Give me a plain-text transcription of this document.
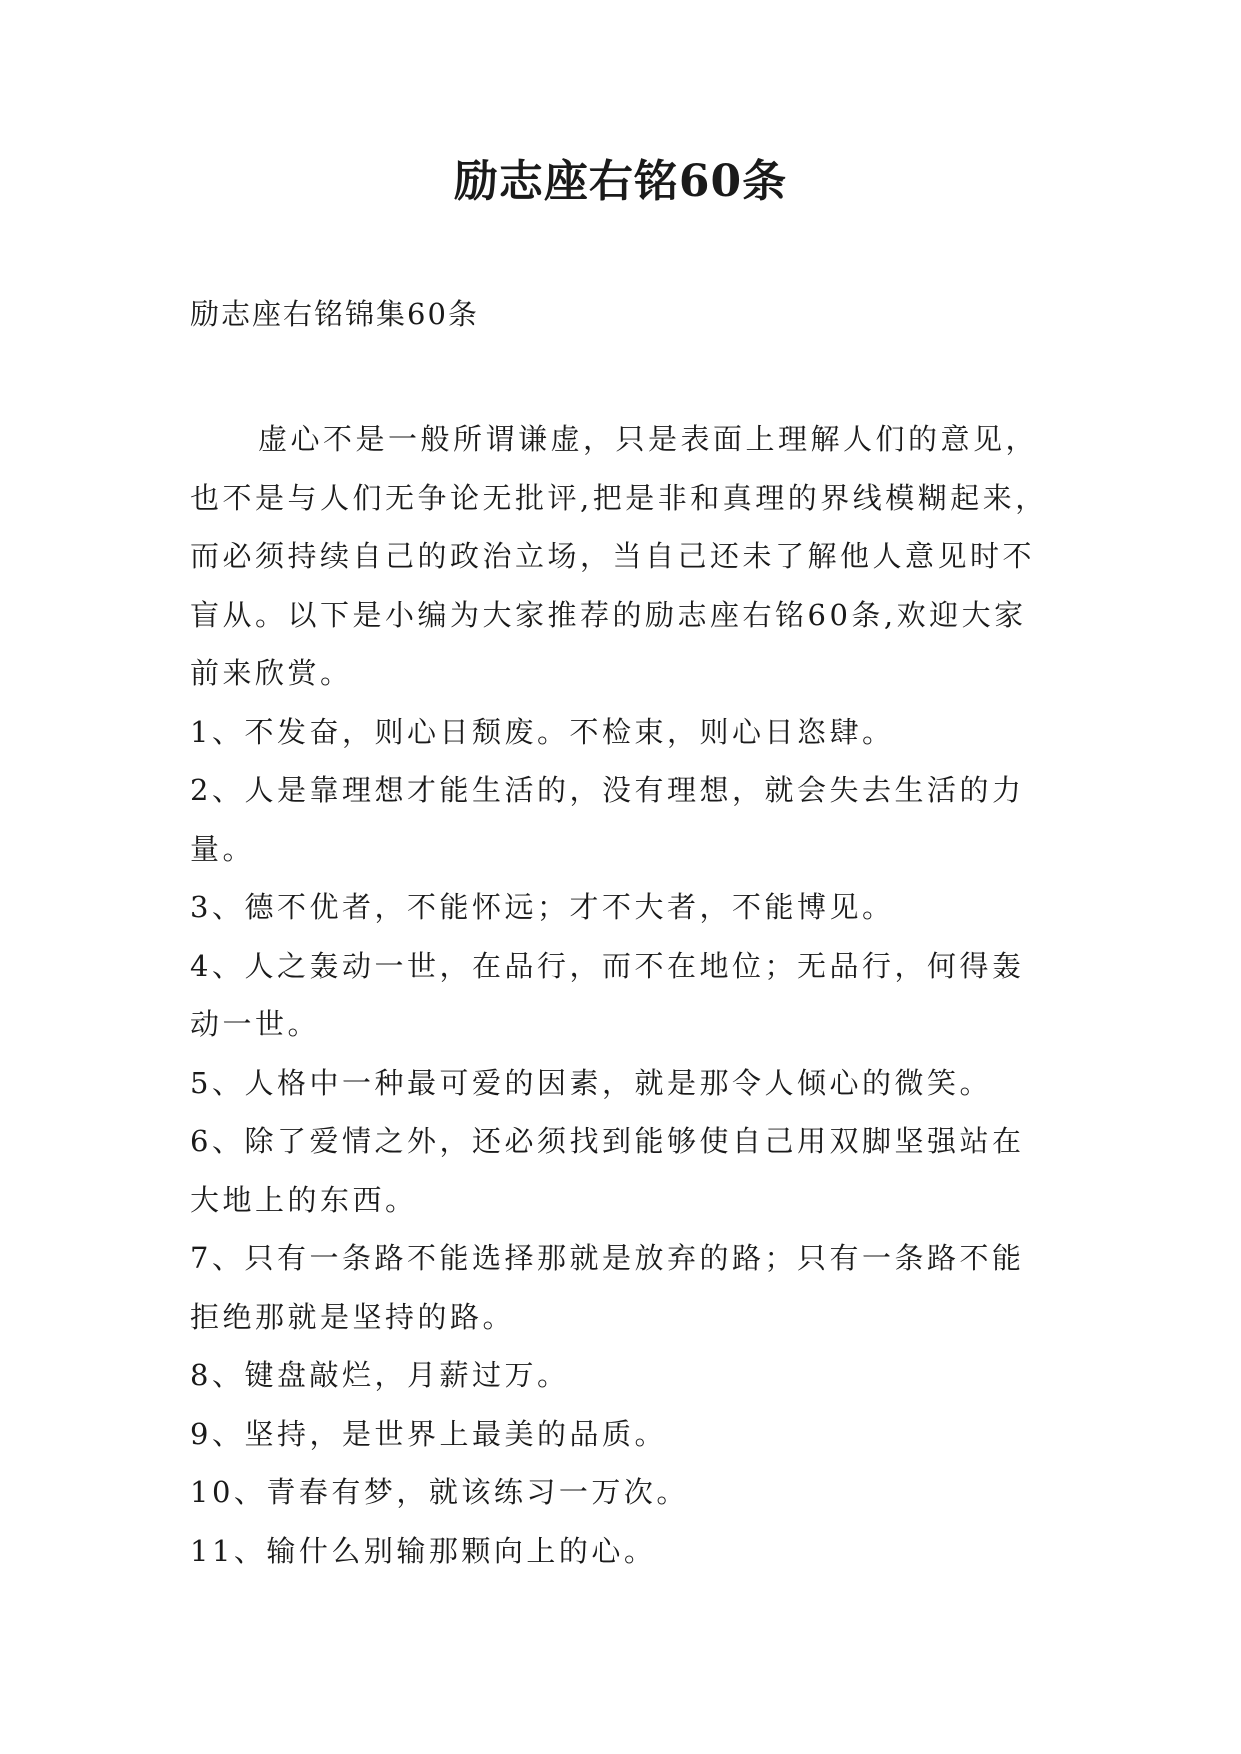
励志座右铭60条
励志座右铭锦集60条
虚心不是一般所谓谦虚，只是表面上理解人们的意见，
也不是与人们无争论无批评,把是非和真理的界线模糊起来，
而必须持续自己的政治立场，当自己还未了解他人意见时不
盲从。以下是小编为大家推荐的励志座右铭60条,欢迎大家
前来欣赏。
1、不发奋，则心日颓废。不检束，则心日恣肆。
2、人是靠理想才能生活的，没有理想，就会失去生活的力
量。
3、德不优者，不能怀远；才不大者，不能博见。
4、人之轰动一世，在品行，而不在地位；无品行，何得轰
动一世。
5、人格中一种最可爱的因素，就是那令人倾心的微笑。
6、除了爱情之外，还必须找到能够使自己用双脚坚强站在
大地上的东西。
7、只有一条路不能选择那就是放弃的路；只有一条路不能
拒绝那就是坚持的路。
8、键盘敲烂，月薪过万。
9、坚持，是世界上最美的品质。
10、青春有梦，就该练习一万次。
11、输什么别输那颗向上的心。
